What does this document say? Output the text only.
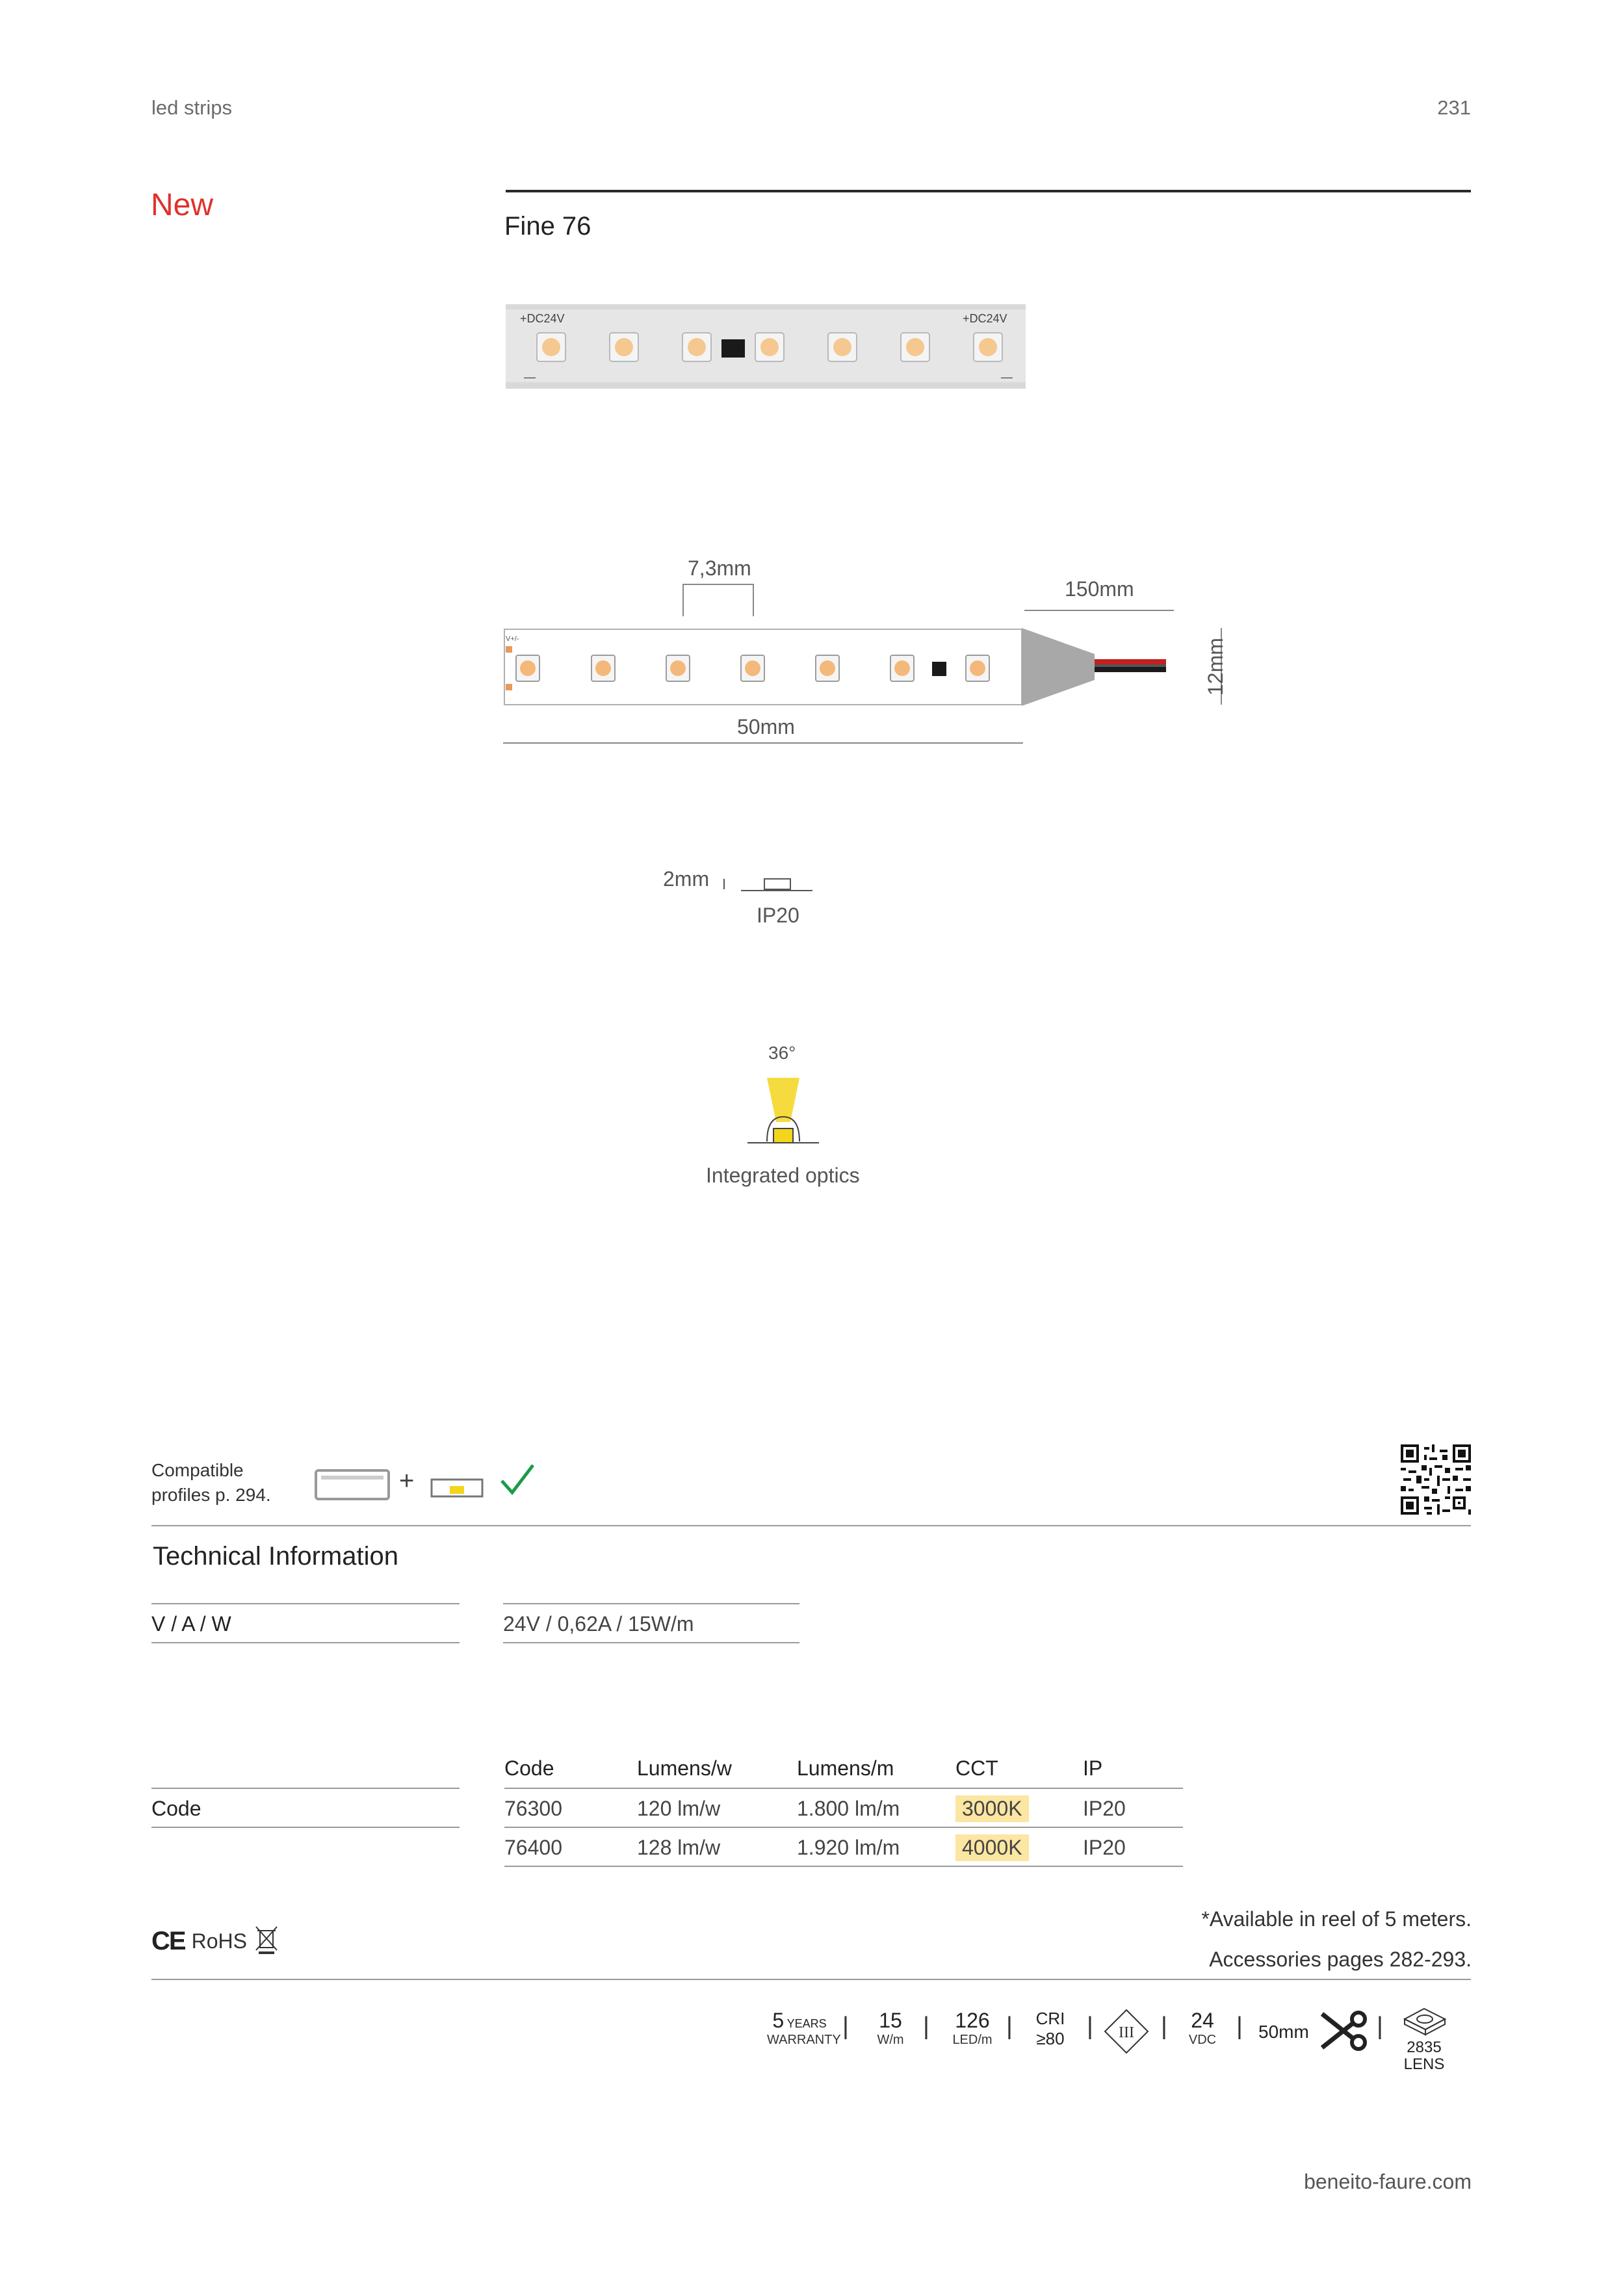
led strips	231
New
Fine 76
+DC24V	+DC24V
—	—
7,3mm
150mm
V+/-	12mm
50mm
2mm
IP20
36°
Integrated optics
Compatible
profiles p. 294.	+
Technical Information
V / A / W	24V / 0,62A / 15W/m
Code
Code	Lumens/w	Lumens/m	CCT	IP
76300	120 lm/w	1.800 lm/m	3000K	IP20
76400	128 lm/w	1.920 lm/m	4000K	IP20
CE RoHS
*Available in reel of 5 meters.
Accessories pages 282-293.
5 YEARS
WARRANTY |	15
W/m |	126
LED/m |	CRI
≥80 | III |	24
VDC | 50mm	|
2835
LENS
beneito-faure.com
